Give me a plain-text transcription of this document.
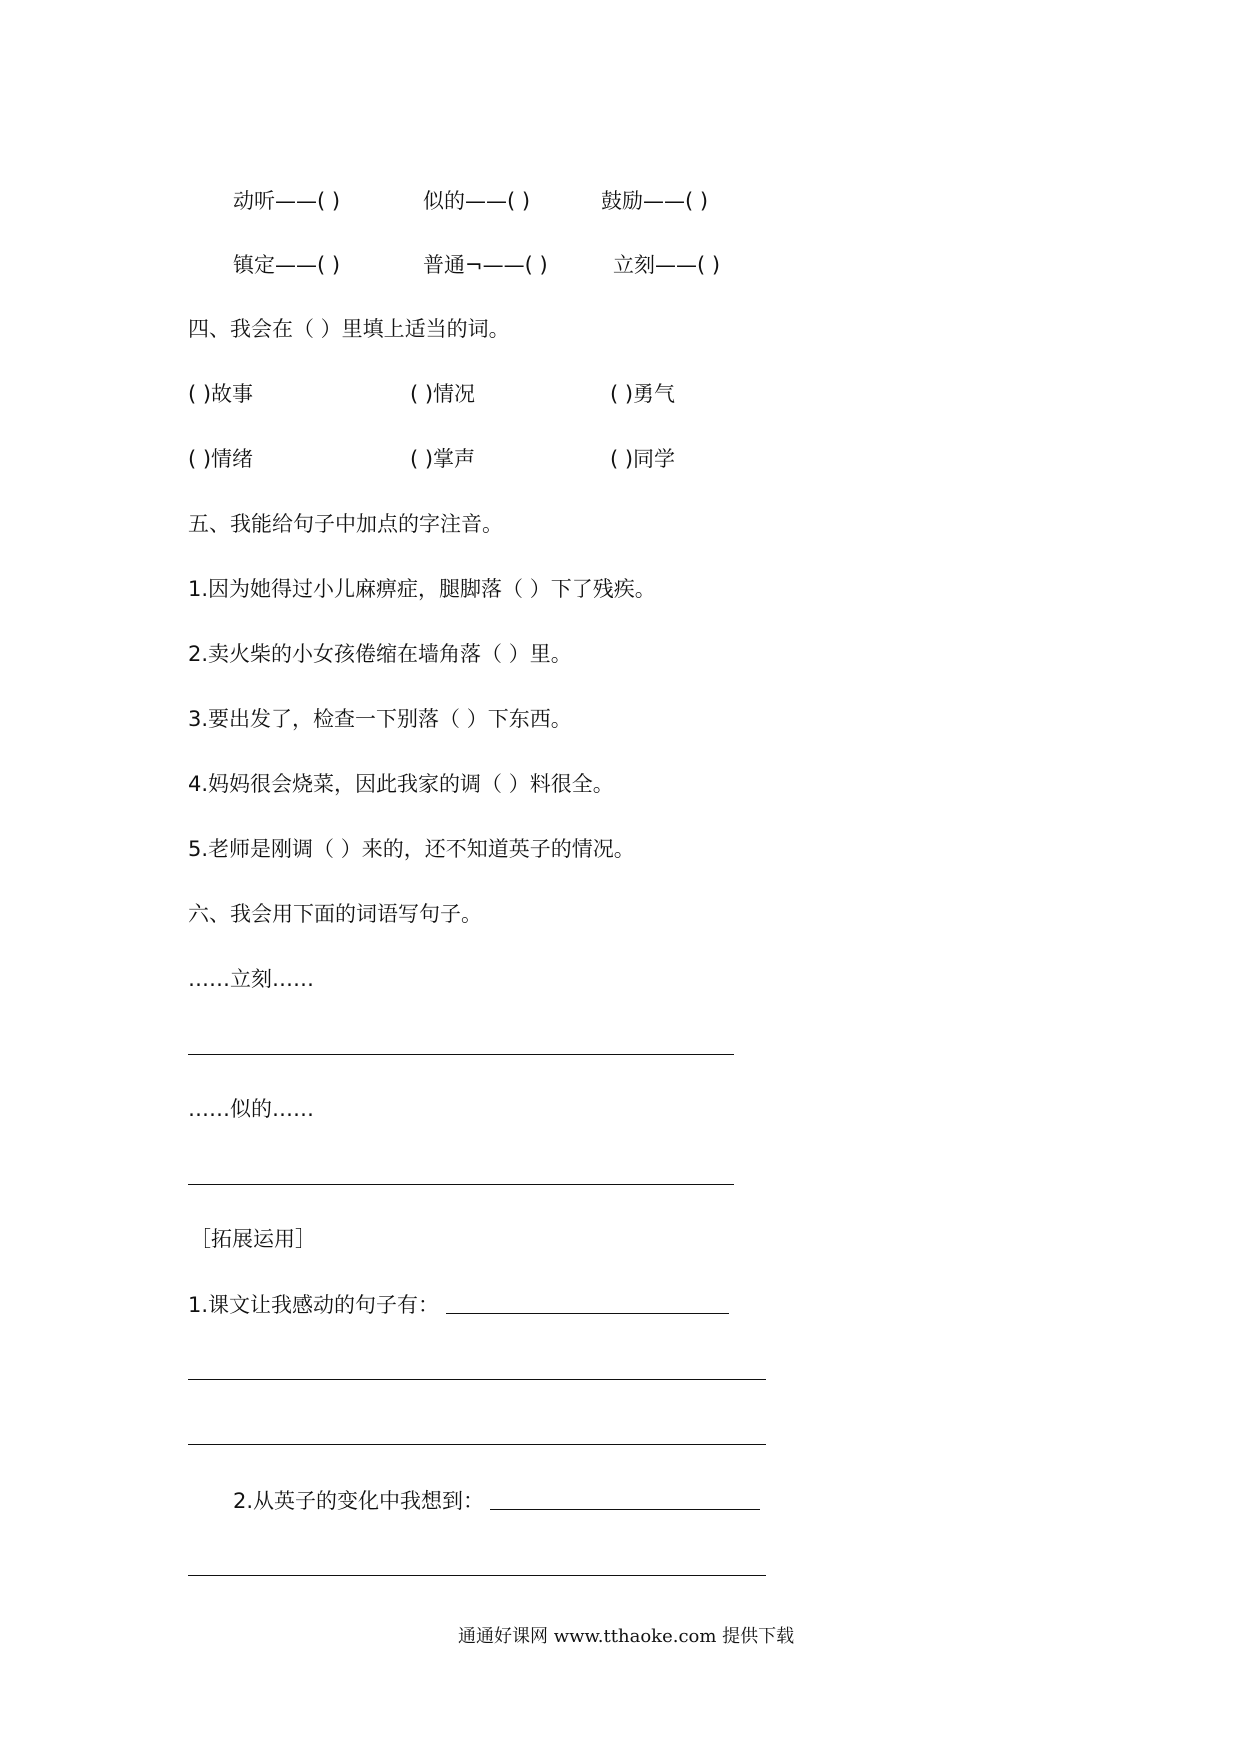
动听——( )	似的——( )	鼓励——( )
镇定——( )	普通¬——( )	立刻——( )
四、我会在（ ）里填上适当的词。
( )故事	( )情况	( )勇气
( )情绪	( )掌声	( )同学
五、我能给句子中加点的字注音。
1.因为她得过小儿麻痹症，腿脚落（ ）下了残疾。
2.卖火柴的小女孩倦缩在墙角落（ ）里。
3.要出发了，检查一下别落（ ）下东西。
4.妈妈很会烧菜，因此我家的调（ ）料很全。
5.老师是刚调（ ）来的，还不知道英子的情况。
六、我会用下面的词语写句子。
……立刻……
……似的……
［拓展运用］
1.课文让我感动的句子有：
2.从英子的变化中我想到：
通通好课网 www.tthaoke.com 提供下载
